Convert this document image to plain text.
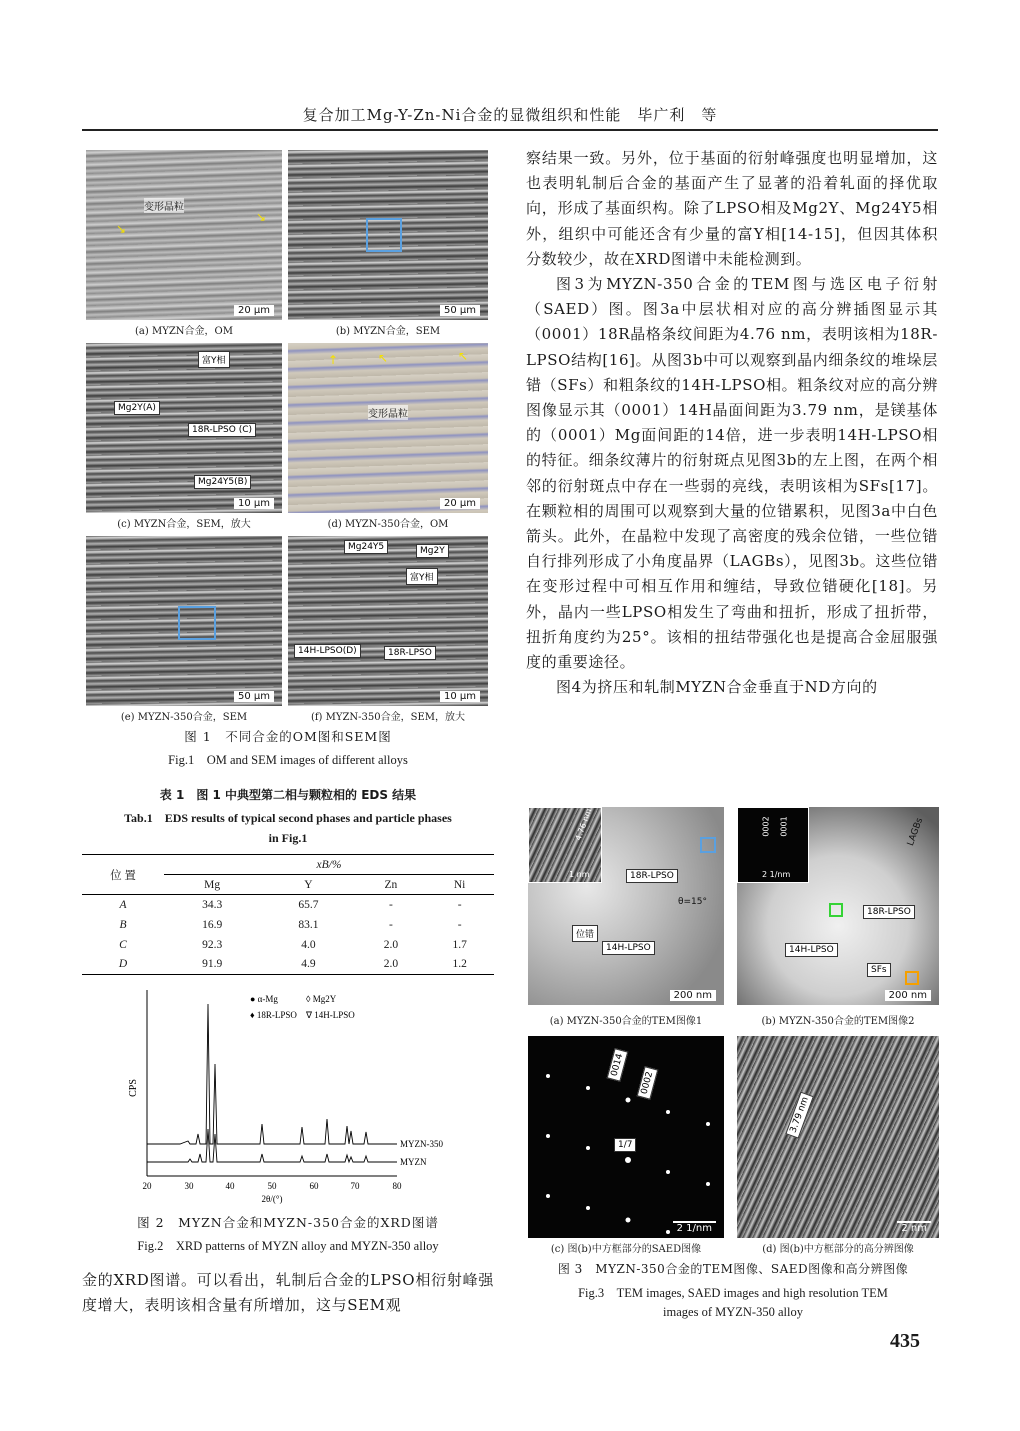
复合加工Mg-Y-Zn-Ni合金的显微组织和性能　毕广利　等
变形晶粒
↘
↘
20 μm
(a) MYZN合金，OM
50 μm
(b) MYZN合金，SEM
富Y相
Mg2Y(A)
18R-LPSO (C)
Mg24Y5(B)
10 μm
(c) MYZN合金，SEM，放大
变形晶粒
↑	↖	↖
20 μm
(d) MYZN-350合金，OM
50 μm
(e) MYZN-350合金，SEM
Mg24Y5	Mg2Y
富Y相
14H-LPSO(D)	18R-LPSO
10 μm
(f) MYZN-350合金，SEM，放大
图 1　不同合金的OM图和SEM图
Fig.1　OM and SEM images of different alloys
表 1　图 1 中典型第二相与颗粒相的 EDS 结果
Tab.1　EDS results of typical second phases and particle phases
in Fig.1
位 置	xB/%			
	Mg	Y	Zn	Ni
A	34.3	65.7	-	-
B	16.9	83.1	-	-
C	92.3	4.0	2.0	1.7
D	91.9	4.9	2.0	1.2
CPS
20	30	40	50	60	70	80
2θ/(°)
MYZN-350
MYZN
● α-Mg	◊ Mg2Y
♦ 18R-LPSO ∇ 14H-LPSO
图 2　MYZN合金和MYZN-350合金的XRD图谱
Fig.2　XRD patterns of MYZN alloy and MYZN-350 alloy

金的XRD图谱。可以看出，轧制后合金的LPSO相衍射峰强度增大，表明该相含量有所增加，这与SEM观

察结果一致。另外，位于基面的衍射峰强度也明显增加，这也表明轧制后合金的基面产生了显著的沿着轧面的择优取向，形成了基面织构。除了LPSO相及Mg2Y、Mg24Y5相外，组织中可能还含有少量的富Y相[14-15]，但因其体积分数较少，故在XRD图谱中未能检测到。

图3为MYZN-350合金的TEM图与选区电子衍射（SAED）图。图3a中层状相对应的高分辨插图显示其（0001）18R晶格条纹间距为4.76 nm，表明该相为18R-LPSO结构[16]。从图3b中可以观察到晶内细条纹的堆垛层错（SFs）和粗条纹的14H-LPSO相。粗条纹对应的高分辨图像显示其（0001）14H晶面间距为3.79 nm，是镁基体的（0001）Mg面间距的14倍，进一步表明14H-LPSO相的特征。细条纹薄片的衍射斑点见图3b的左上图，在两个相邻的衍射斑点中存在一些弱的亮线，表明该相为SFs[17]。在颗粒相的周围可以观察到大量的位错累积，见图3a中白色箭头。此外，在晶粒中发现了高密度的残余位错，一些位错自行排列形成了小角度晶界（LAGBs），见图3b。这些位错在变形过程中可相互作用和缠结，导致位错硬化[18]。另外，晶内一些LPSO相发生了弯曲和扭折，形成了扭折带，扭折角度约为25°。该相的扭结带强化也是提高合金屈服强度的重要途径。

图4为挤压和轧制MYZN合金垂直于ND方向的

4.76 nm
1 nm	18R-LPSO
14H-LPSO
位错
θ=15°
200 nm
(a) MYZN-350合金的TEM图像1
0002 0001
2 1/nm
LAGBs
18R-LPSO
14H-LPSO
SFs
200 nm
(b) MYZN-350合金的TEM图像2
0014
0002
1/7
2 1/nm
(c) 图(b)中方框部分的SAED图像
3.79 nm
2 nm
(d) 图(b)中方框部分的高分辨图像
图 3　MYZN-350合金的TEM图像、SAED图像和高分辨图像
Fig.3　TEM images, SAED images and high resolution TEM
images of MYZN-350 alloy
435
